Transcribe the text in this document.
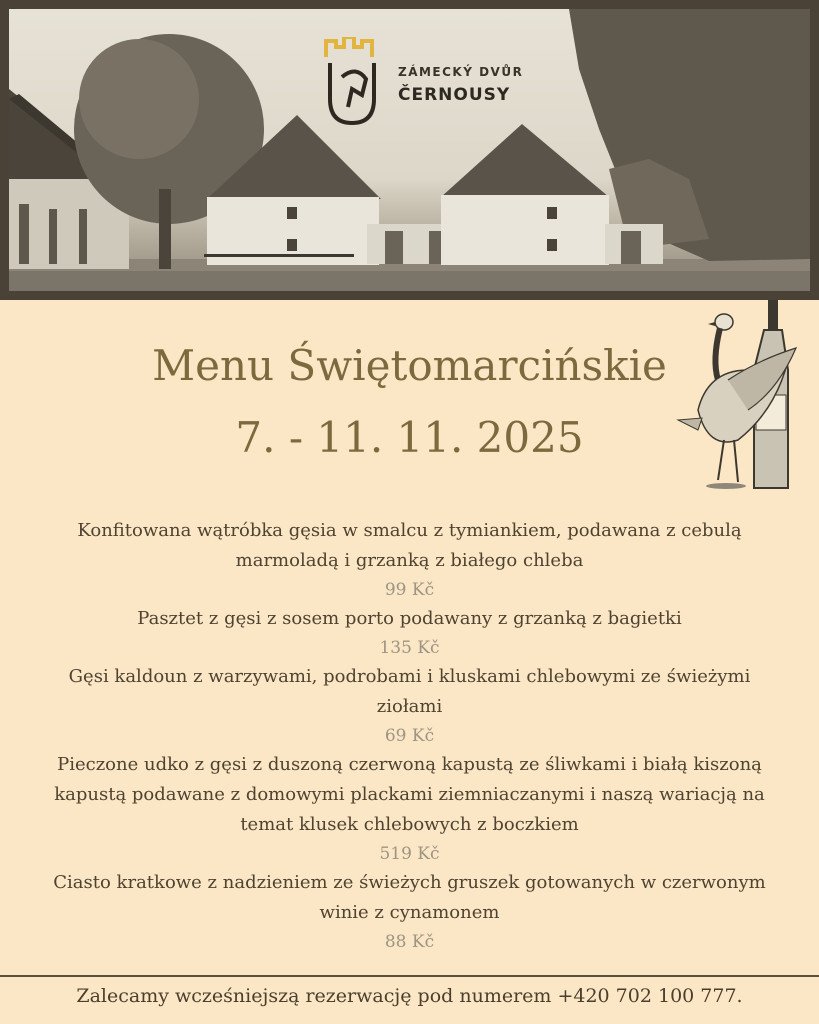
ZÁMECKÝ DVŮR
ČERNOUSY
Menu Świętomarcińskie
7. - 11. 11. 2025

Konfitowana wątróbka gęsia w smalcu z tymiankiem, podawana z cebulą marmoladą i grzanką z białego chleba

99 Kč

Pasztet z gęsi z sosem porto podawany z grzanką z bagietki

135 Kč

Gęsi kaldoun z warzywami, podrobami i kluskami chlebowymi ze świeżymi ziołami

69 Kč

Pieczone udko z gęsi z duszoną czerwoną kapustą ze śliwkami i białą kiszoną kapustą podawane z domowymi plackami ziemniaczanymi i naszą wariacją na temat klusek chlebowych z boczkiem

519 Kč

Ciasto kratkowe z nadzieniem ze świeżych gruszek gotowanych w czerwonym winie z cynamonem

88 Kč

Zalecamy wcześniejszą rezerwację pod numerem +420 702 100 777.
